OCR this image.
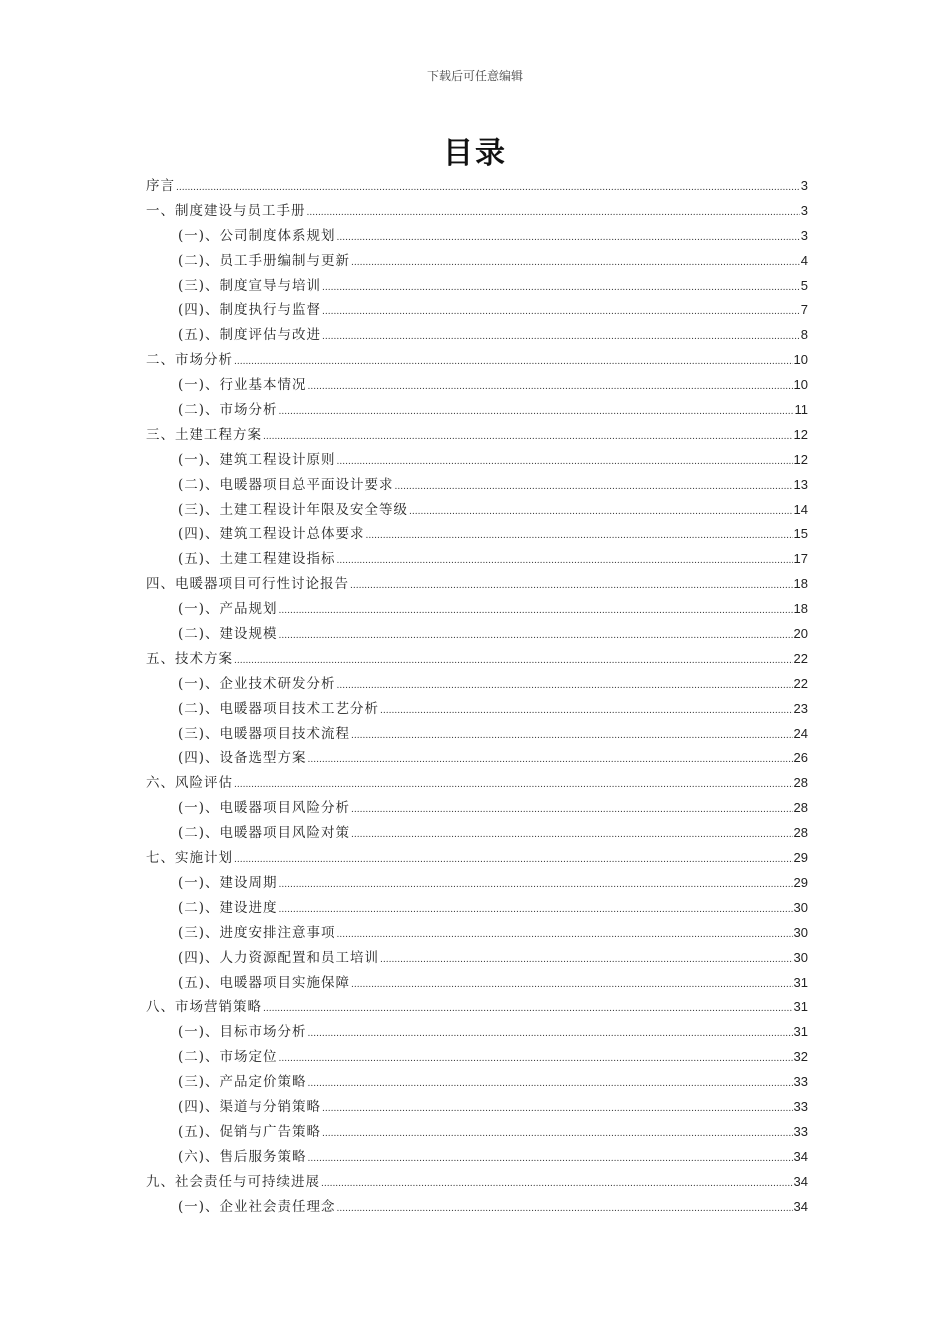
下载后可任意编辑
目录
序言 .....	3
一、制度建设与员工手册 .....	3
(一)、公司制度体系规划 .....	3
(二)、员工手册编制与更新 .....	4
(三)、制度宣导与培训 .....	5
(四)、制度执行与监督 .....	7
(五)、制度评估与改进 .....	8
二、市场分析 .....	10
(一)、行业基本情况 .....	10
(二)、市场分析 .....	11
三、土建工程方案 .....	12
(一)、建筑工程设计原则 .....	12
(二)、电暖器项目总平面设计要求 .....	13
(三)、土建工程设计年限及安全等级 .....	14
(四)、建筑工程设计总体要求 .....	15
(五)、土建工程建设指标 .....	17
四、电暖器项目可行性讨论报告 .....	18
(一)、产品规划 .....	18
(二)、建设规模 .....	20
五、技术方案 .....	22
(一)、企业技术研发分析 .....	22
(二)、电暖器项目技术工艺分析 .....	23
(三)、电暖器项目技术流程 .....	24
(四)、设备选型方案 .....	26
六、风险评估 .....	28
(一)、电暖器项目风险分析 .....	28
(二)、电暖器项目风险对策 .....	28
七、实施计划 .....	29
(一)、建设周期 .....	29
(二)、建设进度 .....	30
(三)、进度安排注意事项 .....	30
(四)、人力资源配置和员工培训 .....	30
(五)、电暖器项目实施保障 .....	31
八、市场营销策略 .....	31
(一)、目标市场分析 .....	31
(二)、市场定位 .....	32
(三)、产品定价策略 .....	33
(四)、渠道与分销策略 .....	33
(五)、促销与广告策略 .....	33
(六)、售后服务策略 .....	34
九、社会责任与可持续进展 .....	34
(一)、企业社会责任理念 .....	34
